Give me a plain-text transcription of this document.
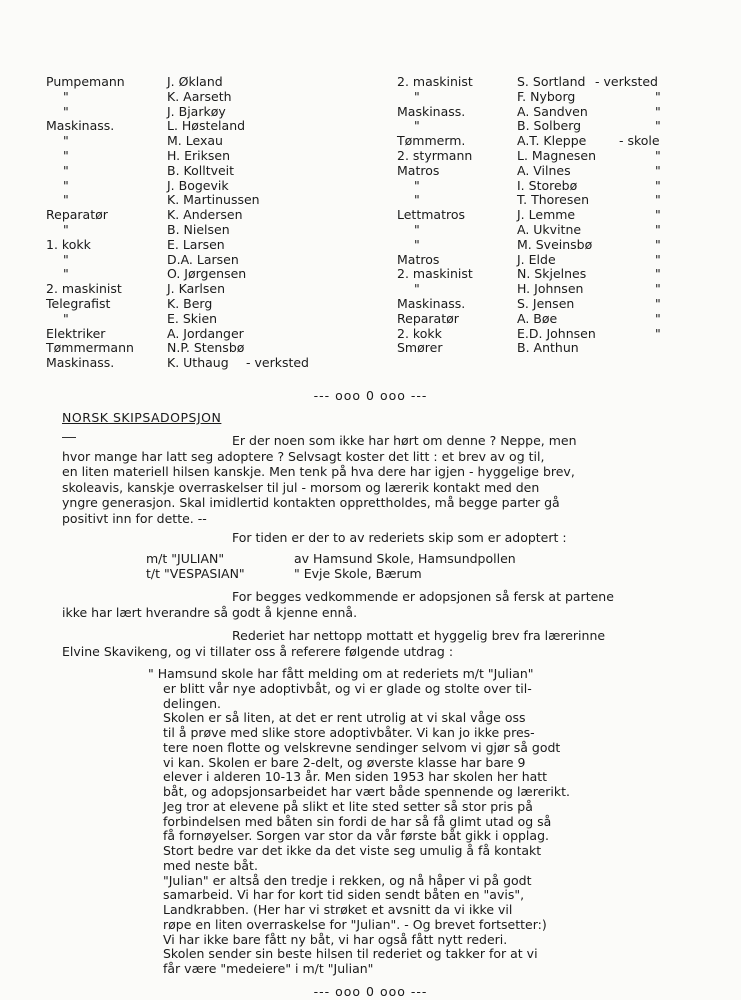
Pumpemann	J. Økland
"	K. Aarseth
"	J. Bjarkøy
Maskinass.	L. Høsteland
"	M. Lexau
"	H. Eriksen
"	B. Kolltveit
"	J. Bogevik
"	K. Martinussen
Reparatør	K. Andersen
"	B. Nielsen
1. kokk	E. Larsen
"	D.A. Larsen
"	O. Jørgensen
2. maskinist	J. Karlsen
Telegrafist	K. Berg
"	E. Skien
Elektriker	A. Jordanger
Tømmermann	N.P. Stensbø
Maskinass.	K. Uthaug - verksted
2. maskinist	S. Sortland - verksted
"	F. Nyborg	"
Maskinass.	A. Sandven	"
"	B. Solberg	"
Tømmerm.	A.T. Kleppe	- skole
2. styrmann	L. Magnesen	"
Matros	A. Vilnes	"
"	I. Storebø	"
"	T. Thoresen	"
Lettmatros	J. Lemme	"
"	A. Ukvitne	"
"	M. Sveinsbø	"
Matros	J. Elde	"
2. maskinist	N. Skjelnes	"
"	H. Johnsen	"
Maskinass.	S. Jensen	"
Reparatør	A. Bøe	"
2. kokk	E.D. Johnsen	"
Smører	B. Anthun
--- ooo 0 ooo ---
NORSK SKIPSADOPSJON
Er der noen som ikke har hørt om denne ? Neppe, men
hvor mange har latt seg adoptere ? Selvsagt koster det litt : et brev av og til,
en liten materiell hilsen kanskje. Men tenk på hva dere har igjen - hyggelige brev,
skoleavis, kanskje overraskelser til jul - morsom og lærerik kontakt med den
yngre generasjon. Skal imidlertid kontakten opprettholdes, må begge parter gå
positivt inn for dette. --
For tiden er der to av rederiets skip som er adoptert :
m/t "JULIAN"	av Hamsund Skole, Hamsundpollen
t/t "VESPASIAN"	" Evje Skole, Bærum
For begges vedkommende er adopsjonen så fersk at partene
ikke har lært hverandre så godt å kjenne ennå.
Rederiet har nettopp mottatt et hyggelig brev fra lærerinne
Elvine Skavikeng, og vi tillater oss å referere følgende utdrag :
" Hamsund skole har fått melding om at rederiets m/t "Julian"
er blitt vår nye adoptivbåt, og vi er glade og stolte over til-
delingen.
Skolen er så liten, at det er rent utrolig at vi skal våge oss
til å prøve med slike store adoptivbåter. Vi kan jo ikke pres-
tere noen flotte og velskrevne sendinger selvom vi gjør så godt
vi kan. Skolen er bare 2-delt, og øverste klasse har bare 9
elever i alderen 10-13 år. Men siden 1953 har skolen her hatt
båt, og adopsjonsarbeidet har vært både spennende og lærerikt.
Jeg tror at elevene på slikt et lite sted setter så stor pris på
forbindelsen med båten sin fordi de har så få glimt utad og så
få fornøyelser. Sorgen var stor da vår første båt gikk i opplag.
Stort bedre var det ikke da det viste seg umulig å få kontakt
med neste båt.
"Julian" er altså den tredje i rekken, og nå håper vi på godt
samarbeid. Vi har for kort tid siden sendt båten en "avis",
Landkrabben. (Her har vi strøket et avsnitt da vi ikke vil
røpe en liten overraskelse for "Julian". - Og brevet fortsetter:)
Vi har ikke bare fått ny båt, vi har også fått nytt rederi.
Skolen sender sin beste hilsen til rederiet og takker for at vi
får være "medeiere" i m/t "Julian"
--- ooo 0 ooo ---
